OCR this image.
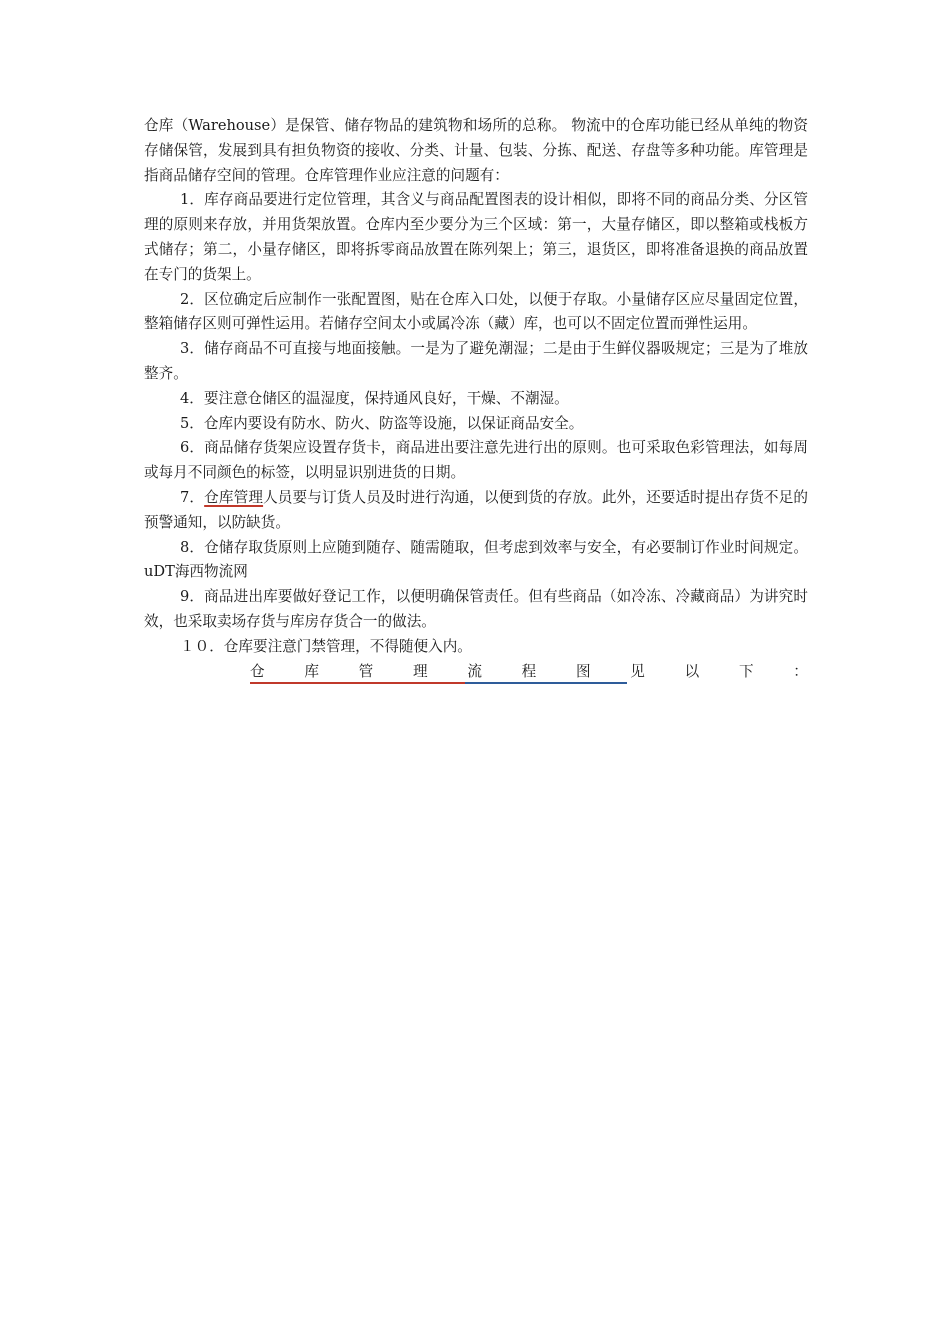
仓库（Warehouse）是保管、储存物品的建筑物和场所的总称。 物流中的仓库功能已经从单纯的物资存储保管，发展到具有担负物资的接收、分类、计量、包装、分拣、配送、存盘等多种功能。库管理是指商品储存空间的管理。仓库管理作业应注意的问题有：

1．库存商品要进行定位管理，其含义与商品配置图表的设计相似，即将不同的商品分类、分区管理的原则来存放，并用货架放置。仓库内至少要分为三个区域：第一，大量存储区，即以整箱或栈板方式储存；第二，小量存储区，即将拆零商品放置在陈列架上；第三，退货区，即将准备退换的商品放置在专门的货架上。

2．区位确定后应制作一张配置图，贴在仓库入口处，以便于存取。小量储存区应尽量固定位置，整箱储存区则可弹性运用。若储存空间太小或属冷冻（藏）库，也可以不固定位置而弹性运用。

3．储存商品不可直接与地面接触。一是为了避免潮湿；二是由于生鲜仪器吸规定；三是为了堆放整齐。

4．要注意仓储区的温湿度，保持通风良好，干燥、不潮湿。

5．仓库内要设有防水、防火、防盗等设施，以保证商品安全。

6．商品储存货架应设置存货卡，商品进出要注意先进行出的原则。也可采取色彩管理法，如每周或每月不同颜色的标签，以明显识别进货的日期。

7．仓库管理人员要与订货人员及时进行沟通，以便到货的存放。此外，还要适时提出存货不足的预警通知，以防缺货。

8．仓储存取货原则上应随到随存、随需随取，但考虑到效率与安全，有必要制订作业时间规定。uDT海西物流网

9．商品进出库要做好登记工作，以便明确保管责任。但有些商品（如冷冻、冷藏商品）为讲究时效，也采取卖场存货与库房存货合一的做法。

１０．仓库要注意门禁管理，不得随便入内。

仓	库	管	理	流	程	图	见	以	下	：
